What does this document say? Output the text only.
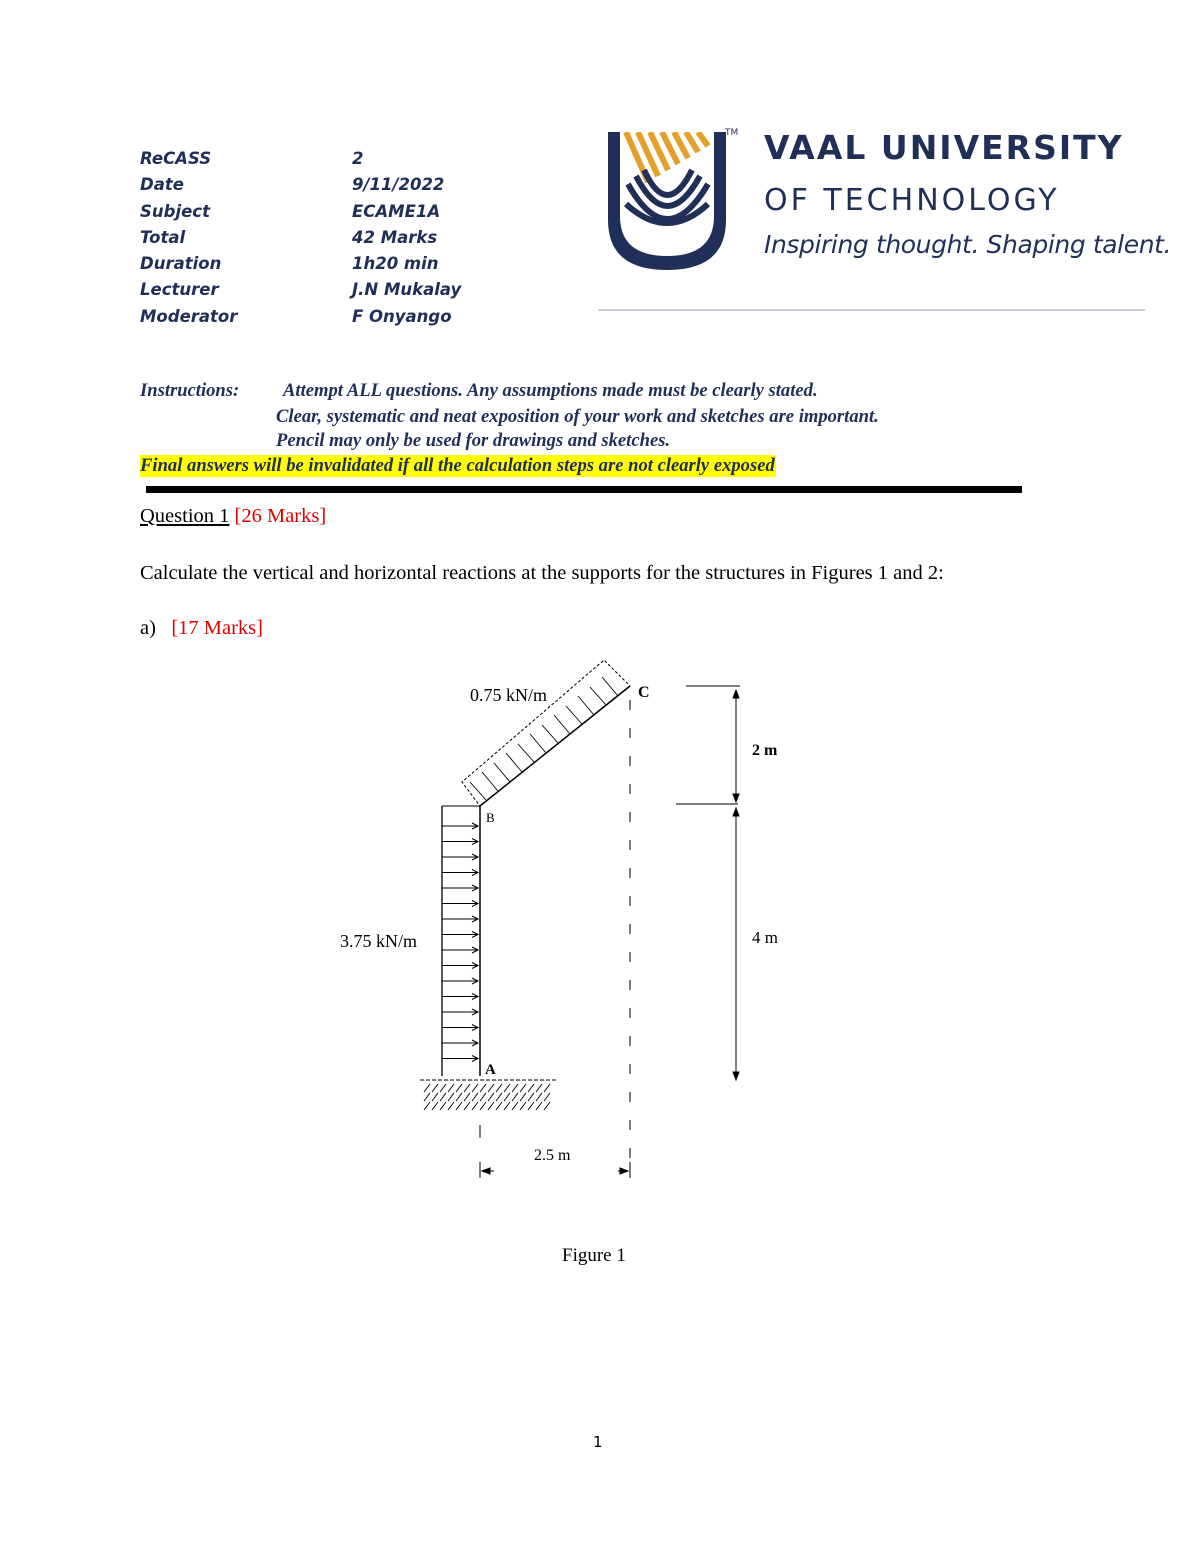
ReCASS	2
Date	9/11/2022
Subject	ECAME1A
Total	42 Marks
Duration	1h20 min
Lecturer	J.N Mukalay
Moderator	F Onyango
TM VAAL UNIVERSITY
OF TECHNOLOGY
Inspiring thought. Shaping talent.
Instructions: Attempt ALL questions. Any assumptions made must be clearly stated.
Clear, systematic and neat exposition of your work and sketches are important.
Pencil may only be used for drawings and sketches.
Final answers will be invalidated if all the calculation steps are not clearly exposed
Question 1 [26 Marks]
Calculate the vertical and horizontal reactions at the supports for the structures in Figures 1 and 2:
a) [17 Marks]
0.75 kN/m	C
B
A
3.75 kN/m
2 m
4 m
2.5 m
Figure 1
1
